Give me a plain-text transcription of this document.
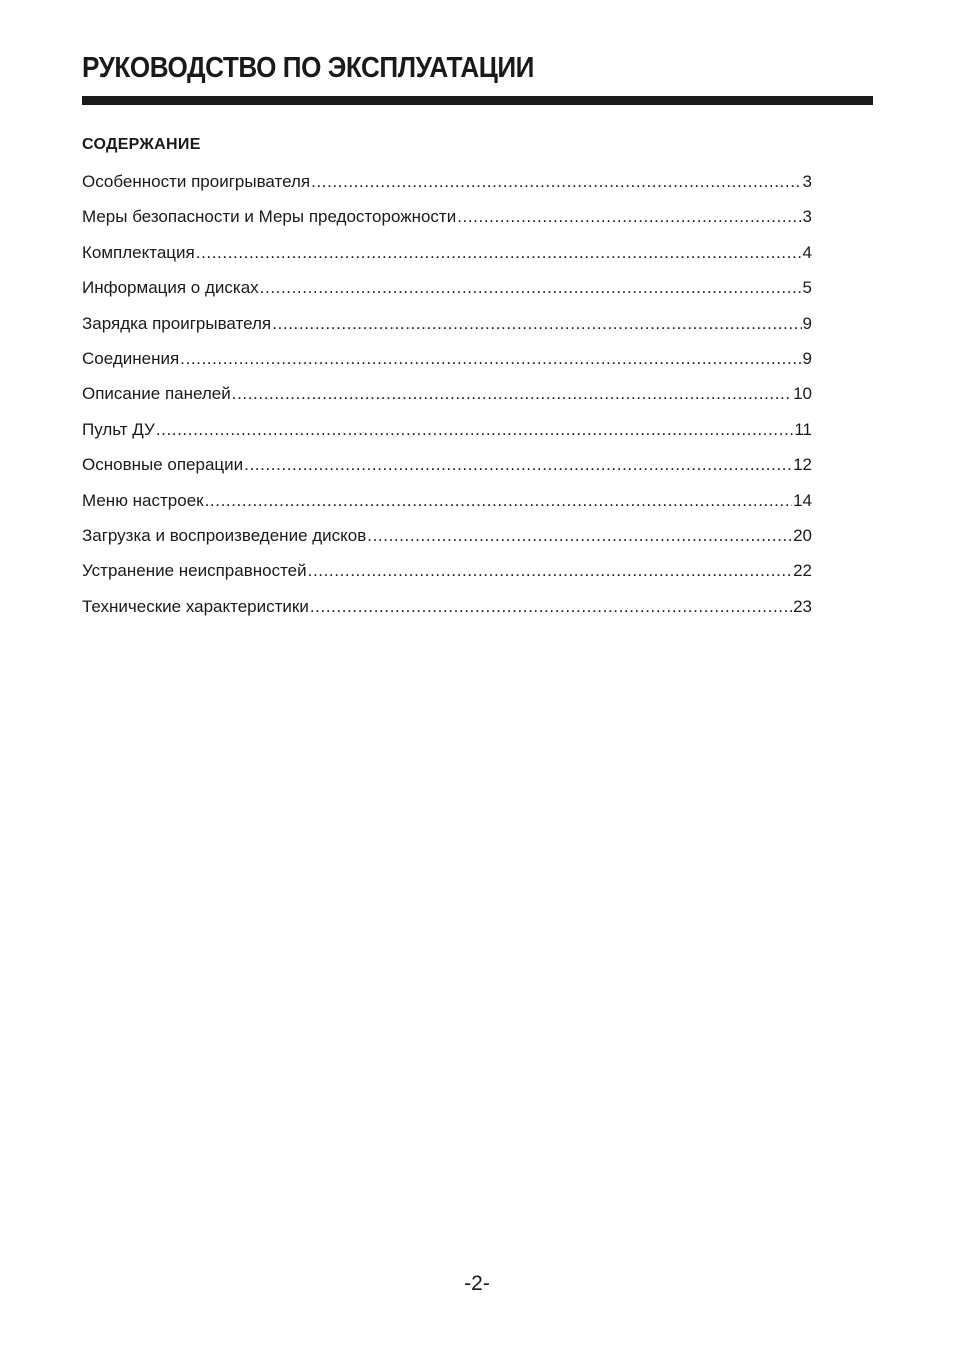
РУКОВОДСТВО ПО ЭКСПЛУАТАЦИИ
СОДЕРЖАНИЕ
Особенности проигрывателя .....	3
Меры безопасности и Меры предосторожности .....	3
Комплектация .....	4
Информация о дисках .....	5
Зарядка проигрывателя .....	9
Соединения .....	9
Описание панелей .....	10
Пульт ДУ .....	11
Основные операции .....	12
Меню настроек .....	14
Загрузка и воспроизведение дисков .....	20
Устранение неисправностей .....	22
Технические характеристики .....	23
-2-
